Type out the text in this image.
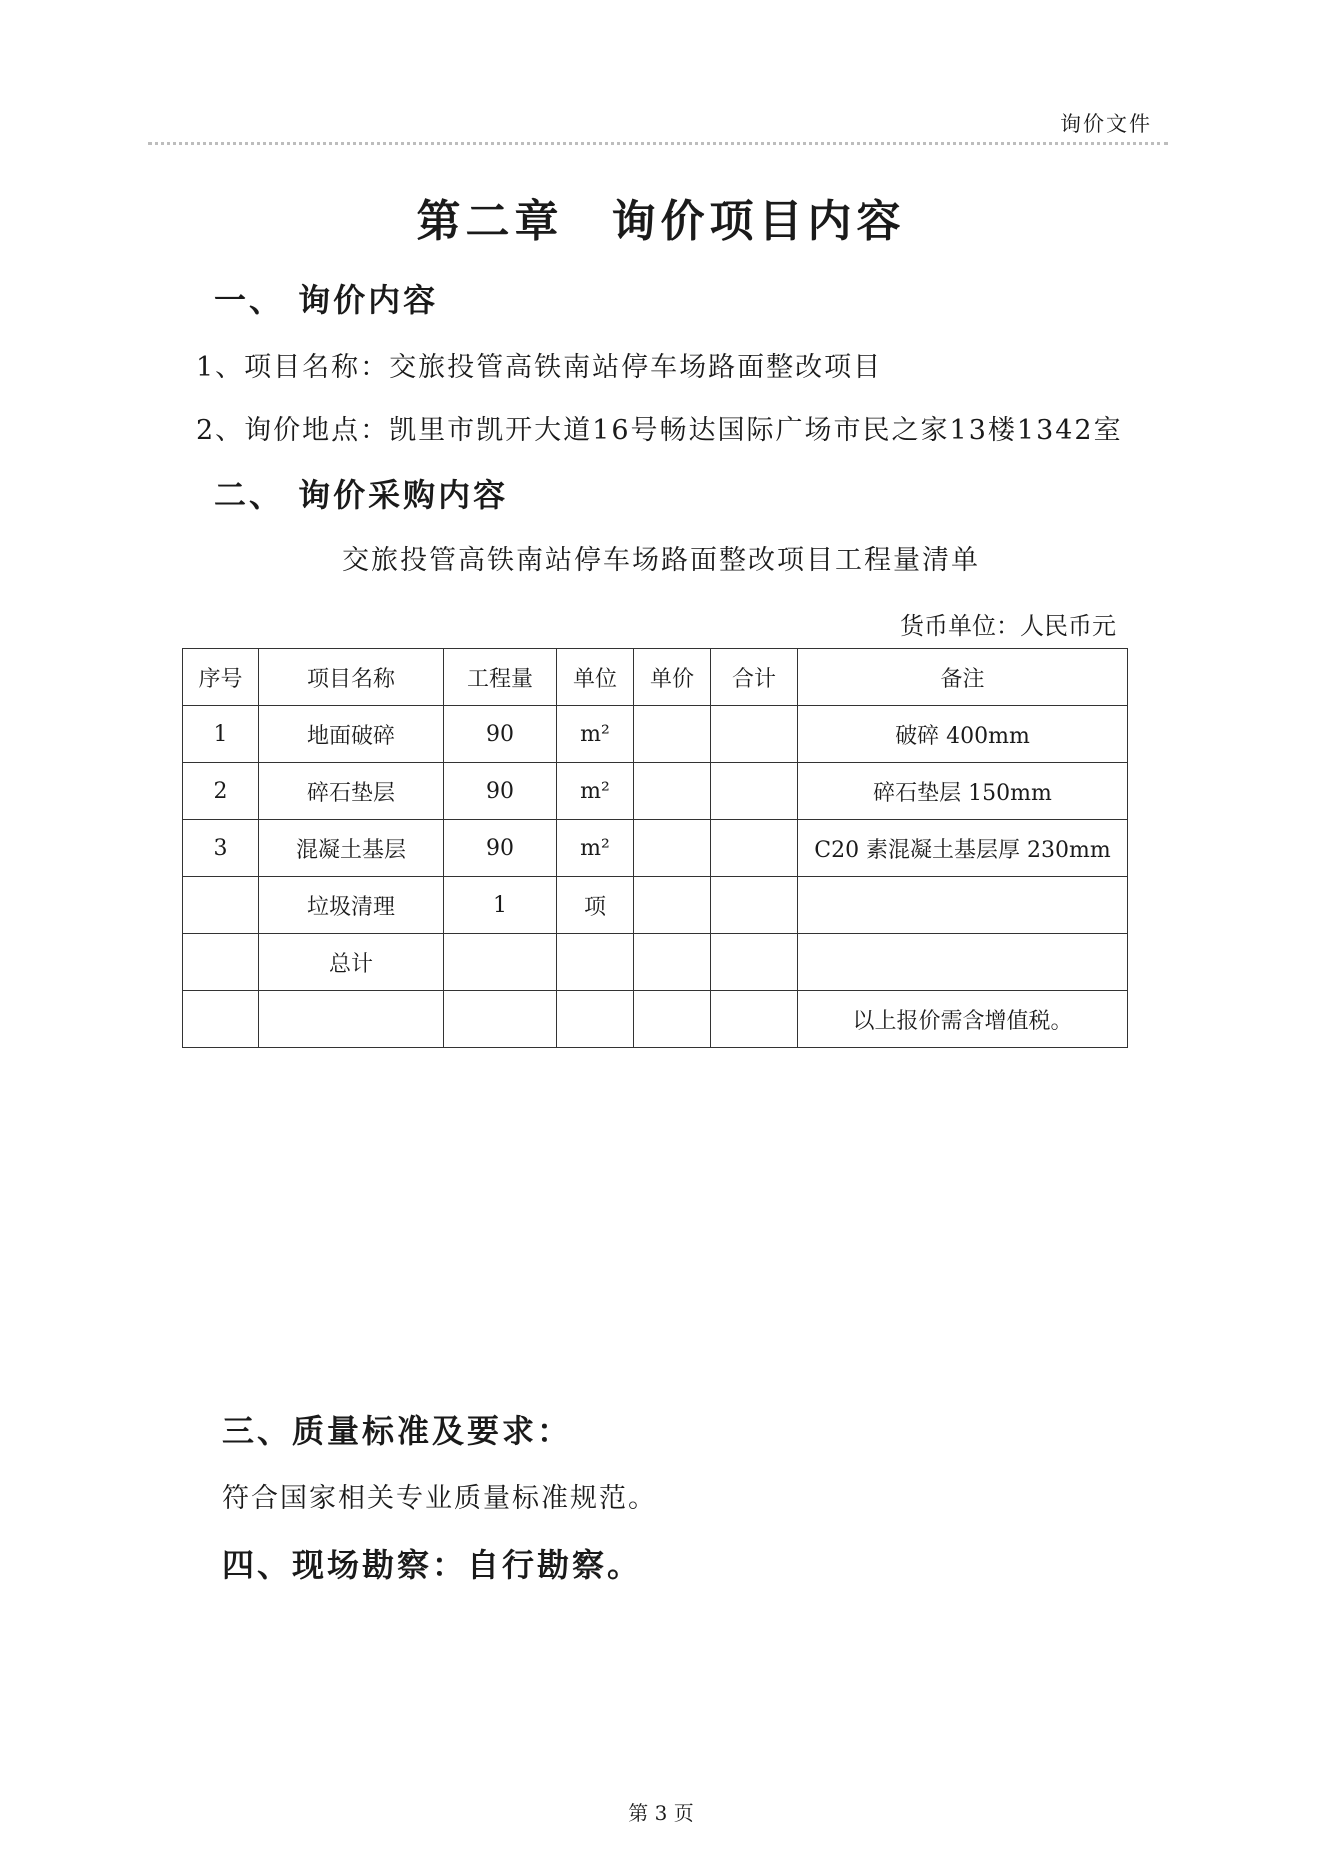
询价文件
第二章 询价项目内容
一、 询价内容
1、项目名称：交旅投管高铁南站停车场路面整改项目
2、询价地点：凯里市凯开大道16号畅达国际广场市民之家13楼1342室
二、 询价采购内容
交旅投管高铁南站停车场路面整改项目工程量清单
货币单位：人民币元
序号	项目名称	工程量	单位	单价	合计	备注
1	地面破碎	90	m²			破碎 400mm
2	碎石垫层	90	m²			碎石垫层 150mm
3	混凝土基层	90	m²			C20 素混凝土基层厚 230mm
	垃圾清理	1	项			
	总计					
						以上报价需含增值税。
三、质量标准及要求：
符合国家相关专业质量标准规范。
四、现场勘察：自行勘察。
第 3 页
